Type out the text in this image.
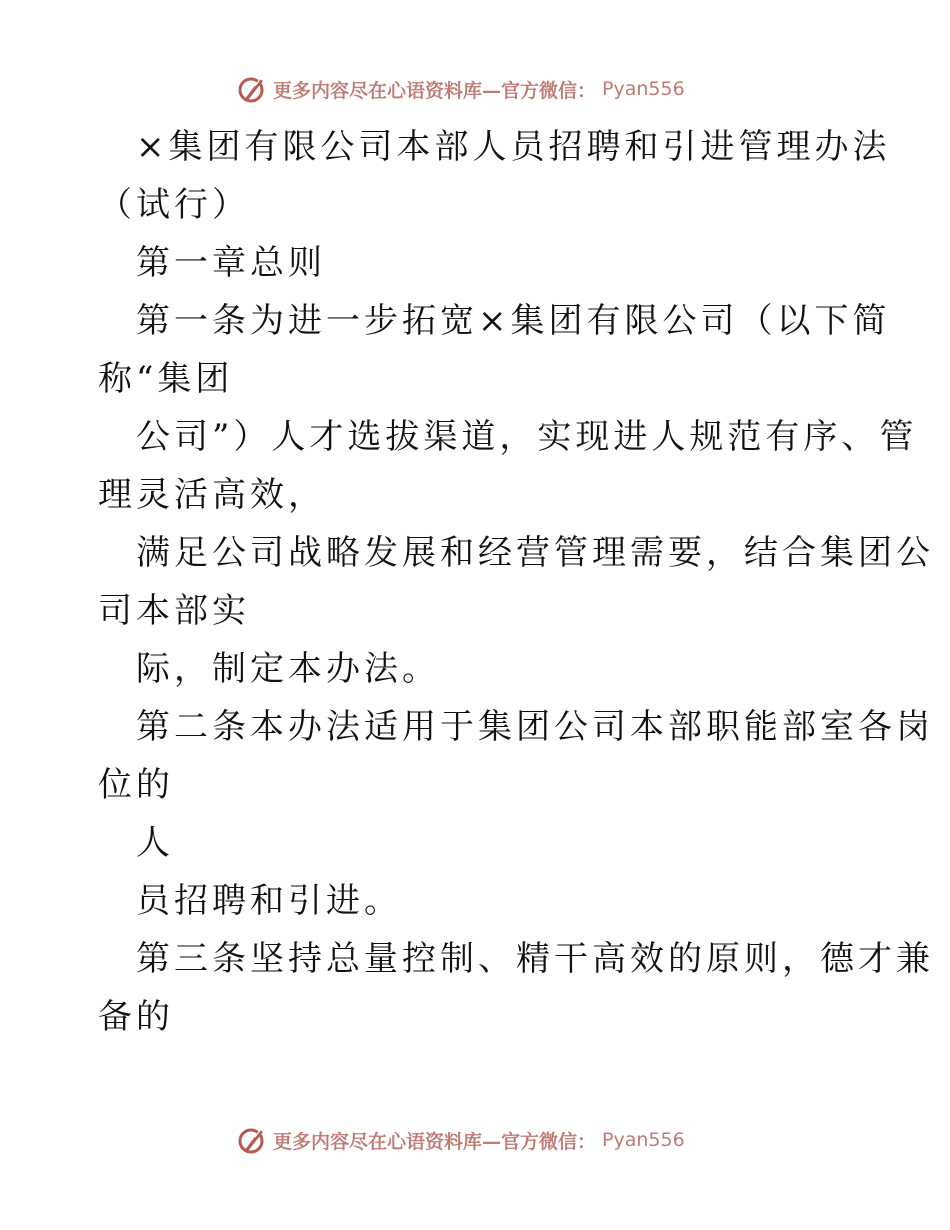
更多内容尽在心语资料库—官方微信： Pyan556
×集团有限公司本部人员招聘和引进管理办法
（试行）
第一章总则
第一条为进一步拓宽×集团有限公司（以下简
称“集团
公司”）人才选拔渠道，实现进人规范有序、管
理灵活高效，
满足公司战略发展和经营管理需要，结合集团公
司本部实
际，制定本办法。
第二条本办法适用于集团公司本部职能部室各岗
位的
人
员招聘和引进。
第三条坚持总量控制、精干高效的原则，德才兼
备的
更多内容尽在心语资料库—官方微信： Pyan556
